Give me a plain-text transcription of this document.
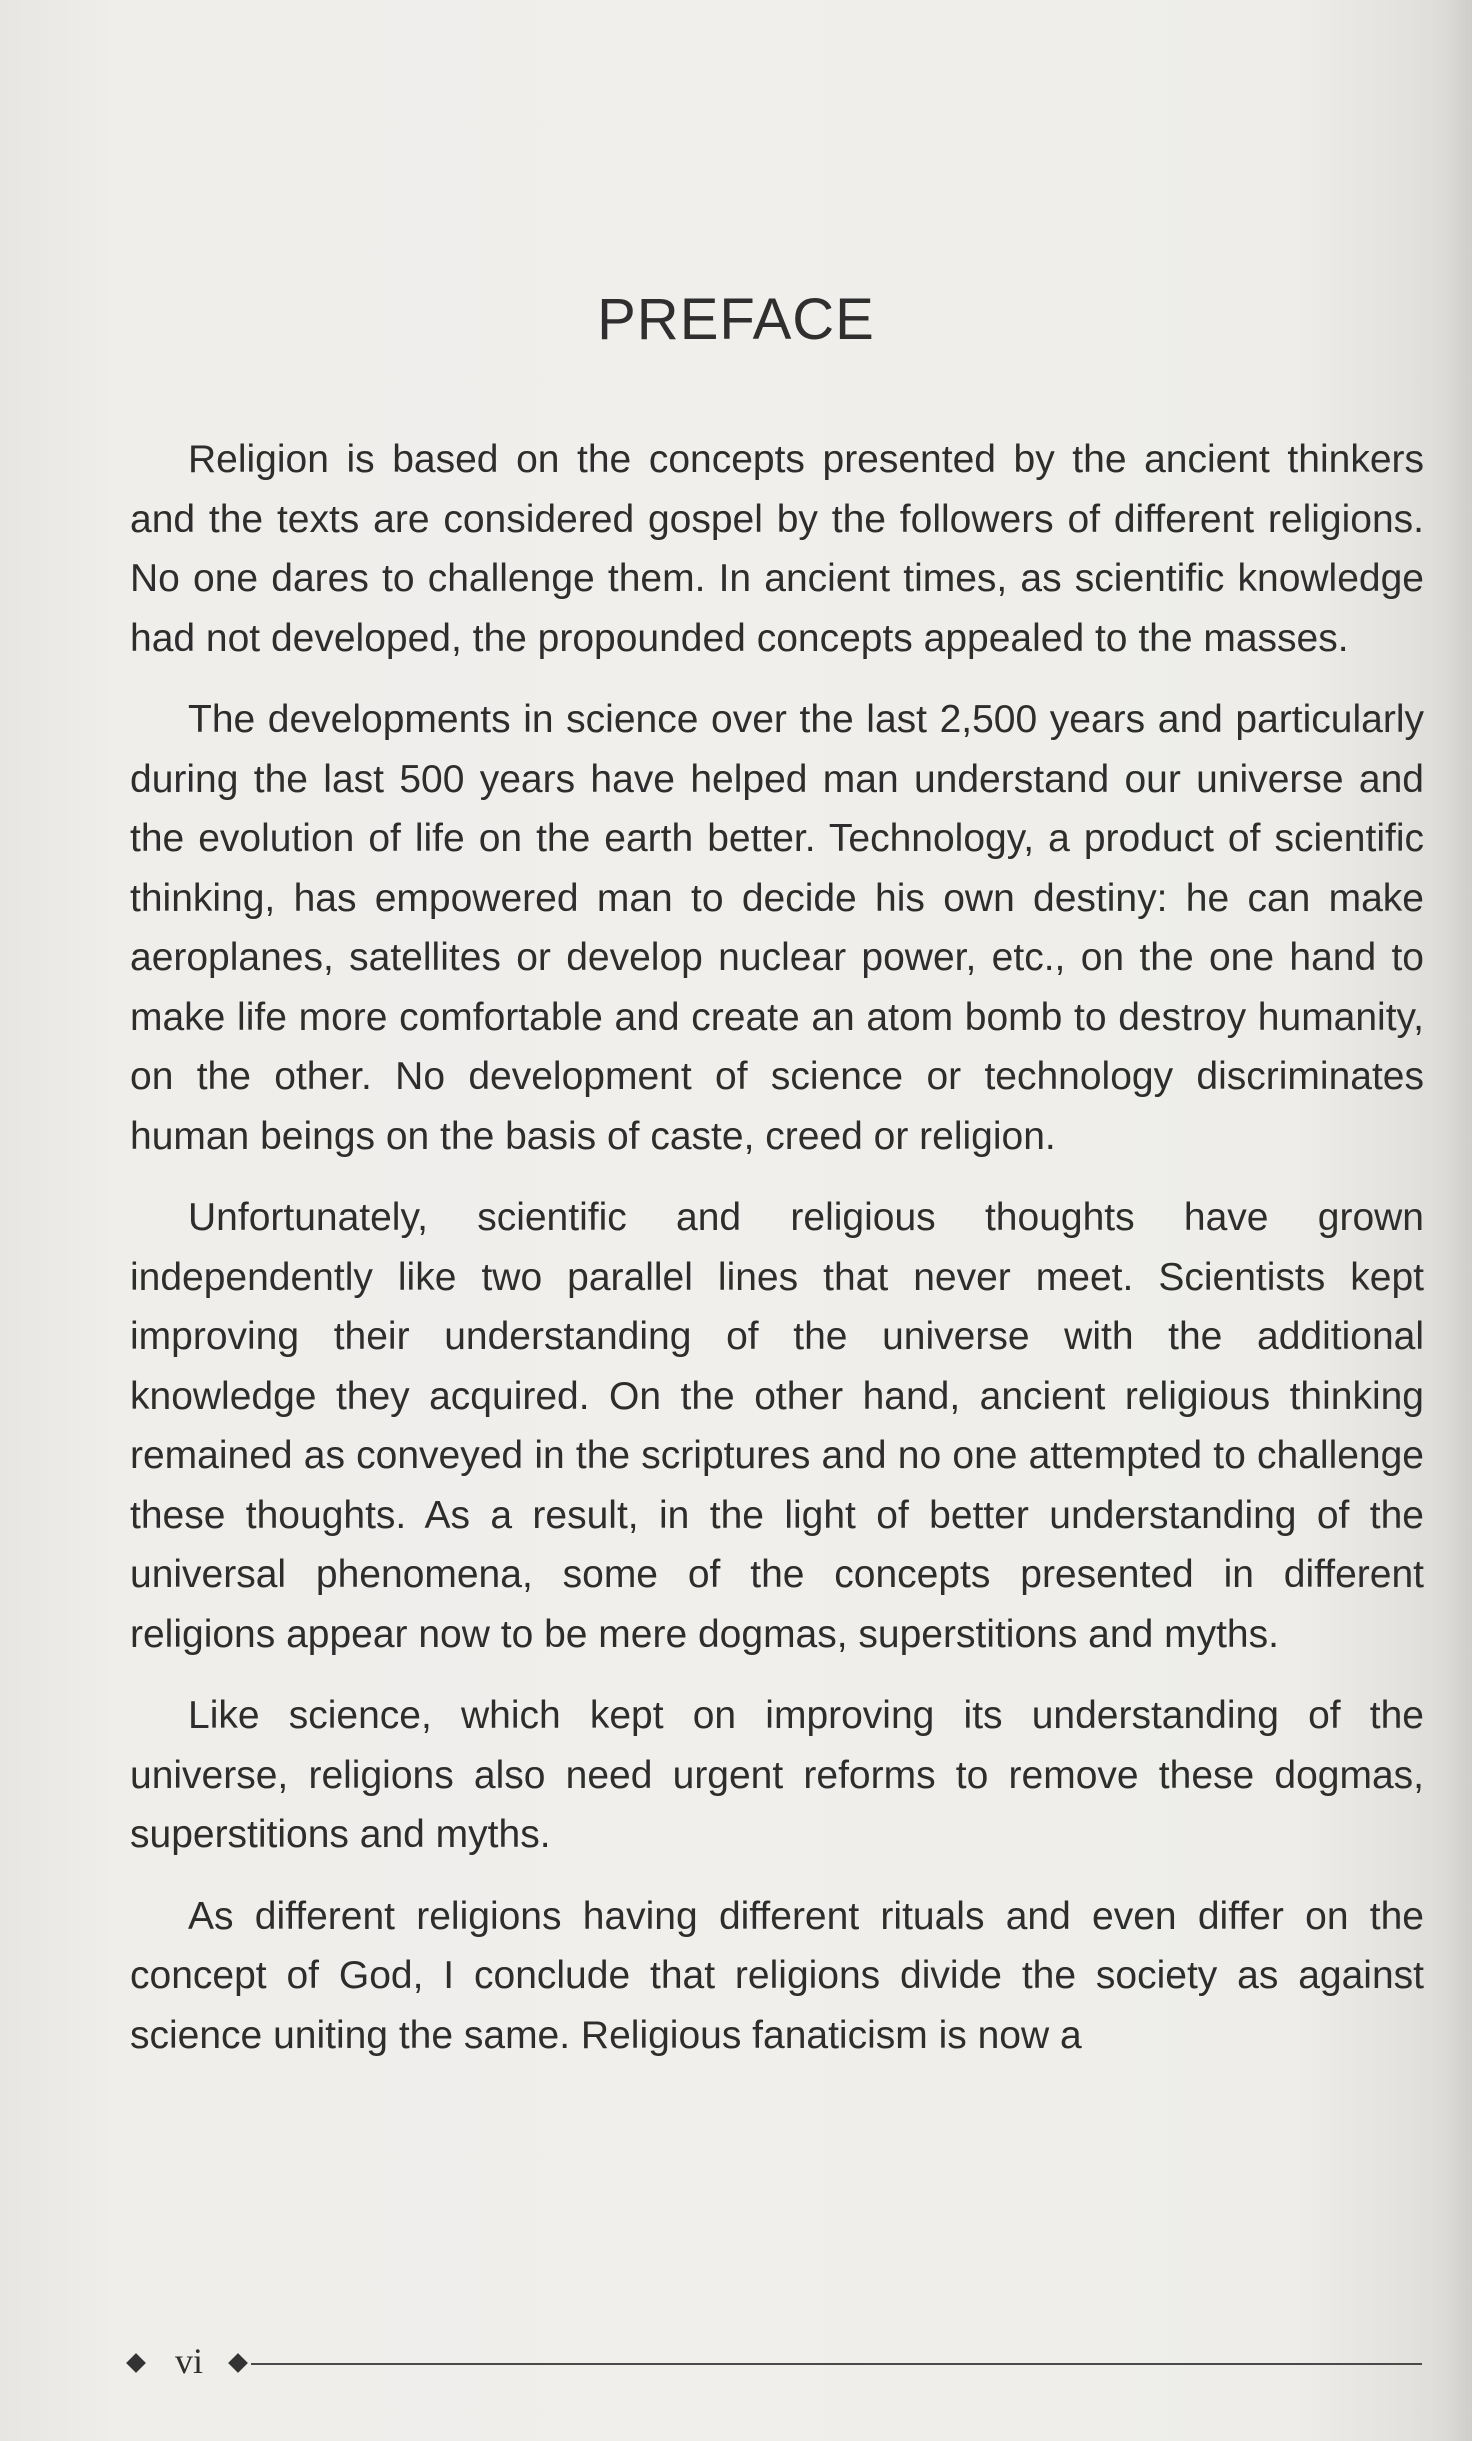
PREFACE

Religion is based on the concepts presented by the ancient thinkers and the texts are considered gospel by the followers of different religions. No one dares to challenge them. In ancient times, as scientific knowledge had not developed, the propounded concepts appealed to the masses.

The developments in science over the last 2,500 years and particularly during the last 500 years have helped man understand our universe and the evolution of life on the earth better. Technology, a product of scientific thinking, has empowered man to decide his own destiny: he can make aeroplanes, satellites or develop nuclear power, etc., on the one hand to make life more comfortable and create an atom bomb to destroy humanity, on the other. No development of science or technology discriminates human beings on the basis of caste, creed or religion.

Unfortunately, scientific and religious thoughts have grown independently like two parallel lines that never meet. Scientists kept improving their understanding of the universe with the additional knowledge they acquired. On the other hand, ancient religious thinking remained as conveyed in the scriptures and no one attempted to challenge these thoughts. As a result, in the light of better understanding of the universal phenomena, some of the concepts presented in different religions appear now to be mere dogmas, superstitions and myths.

Like science, which kept on improving its understanding of the universe, religions also need urgent reforms to remove these dogmas, superstitions and myths.

As different religions having different rituals and even differ on the concept of God, I conclude that religions divide the society as against science uniting the same. Religious fanaticism is now a

vi
